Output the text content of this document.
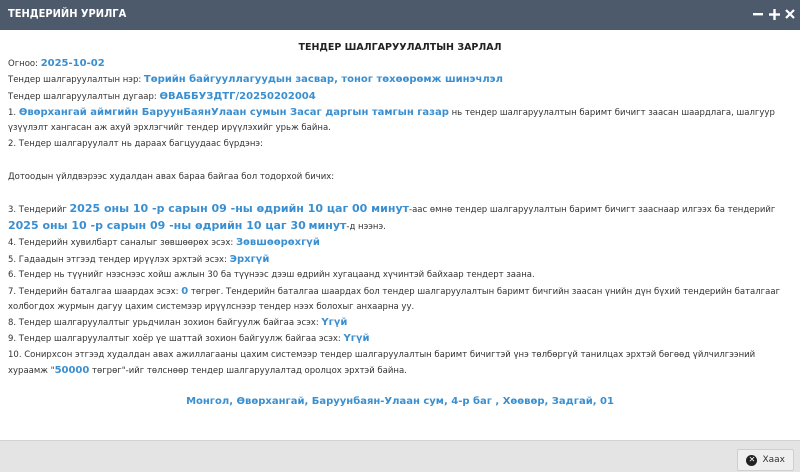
ТЕНДЕРИЙН УРИЛГА
ТЕНДЕР ШАЛГАРУУЛАЛТЫН ЗАРЛАЛ
Огноо: 2025-10-02
Тендер шалгаруулалтын нэр: Төрийн байгууллагуудын засвар, тоног төхөөрөмж шинэчлэл
Тендер шалгаруулалтын дугаар: ӨВАББУЗДТГ/20250202004
1. Өвөрхангай аймгийн БаруунБаянУлаан сумын Засаг даргын тамгын газар нь тендер шалгаруулалтын баримт бичигт заасан шаардлага, шалгуур үзүүлэлт хангасан аж ахуй эрхлэгчийг тендер ирүүлэхийг урьж байна.
2. Тендер шалгаруулалт нь дараах багцуудаас бүрдэнэ:
Дотоодын үйлдвэрээс худалдан авах бараа байгаа бол тодорхой бичих:
3. Тендерийг 2025 оны 10 -р сарын 09 -ны өдрийн 10 цаг 00 минут-аас өмнө тендер шалгаруулалтын баримт бичигт зааснаар илгээх ба тендерийг 2025 оны 10 -р сарын 09 -ны өдрийн 10 цаг 30 минут-д нээнэ.
4. Тендерийн хувилбарт саналыг зөвшөөрөх эсэх: Зөвшөөрөхгүй
5. Гадаадын этгээд тендер ирүүлэх эрхтэй эсэх: Эрхгүй
6. Тендер нь түүнийг нээснээс хойш ажлын 30 ба түүнээс дээш өдрийн хугацаанд хүчинтэй байхаар тендерт заана.
7. Тендерийн баталгаа шаардах эсэх: 0 төгрөг. Тендерийн баталгаа шаардах бол тендер шалгаруулалтын баримт бичгийн заасан үнийн дүн бүхий тендерийн баталгааг холбогдох журмын дагуу цахим системээр ирүүлснээр тендер нээх болохыг анхаарна уу.
8. Тендер шалгаруулалтыг урьдчилан зохион байгуулж байгаа эсэх: Үгүй
9. Тендер шалгаруулалтыг хоёр үе шаттай зохион байгуулж байгаа эсэх: Үгүй
10. Сонирхсон этгээд худалдан авах ажиллагааны цахим системээр тендер шалгаруулалтын баримт бичигтэй үнэ төлбөргүй танилцах эрхтэй бөгөөд үйлчилгээний хураамж "50000 төгрөг"-ийг төлснөөр тендер шалгаруулалтад оролцох эрхтэй байна.
Монгол, Өвөрхангай, Баруунбаян-Улаан сум, 4-р баг , Хөөвөр, Задгай, 01
✕ Хаах
